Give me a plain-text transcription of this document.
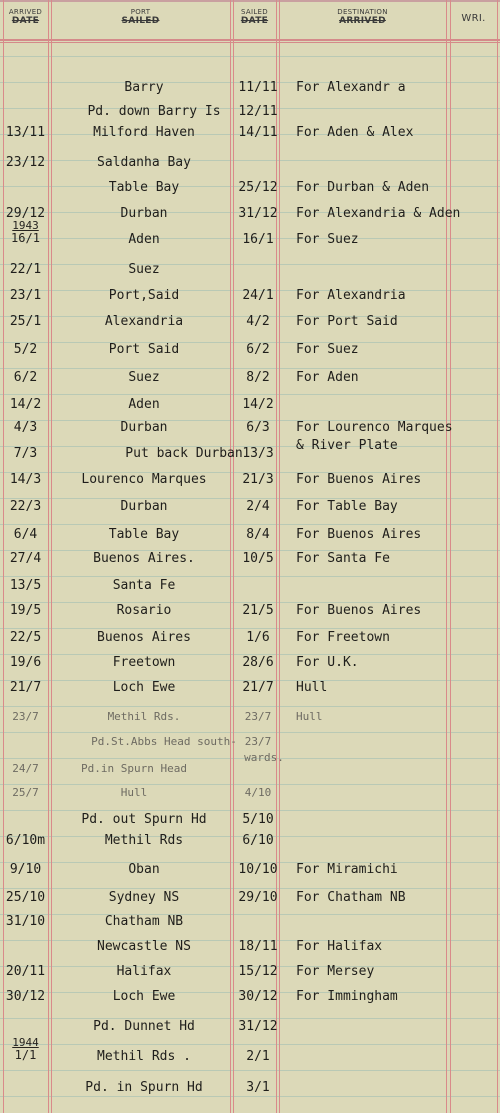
ARRIVED
DATE
PORT
SAILED
SAILED
DATE
DESTINATION
ARRIVED	WRI.
Barry	11/11	For Alexandr a
Pd. down Barry Is	12/11
13/11	Milford Haven	14/11	For Aden & Alex
23/12	Saldanha Bay
Table Bay	25/12	For Durban & Aden
29/12	Durban	31/12	For Alexandria & Aden
1943
16/1	Aden	16/1	For Suez
22/1	Suez
23/1	Port,Said	24/1	For Alexandria
25/1	Alexandria	4/2	For Port Said
5/2	Port Said	6/2	For Suez
6/2	Suez	8/2	For Aden
14/2	Aden	14/2
4/3	Durban	6/3	For Lourenco Marques
& River Plate
7/3	Put back Durban 13/3
14/3	Lourenco Marques	21/3	For Buenos Aires
22/3	Durban	2/4	For Table Bay
6/4	Table Bay	8/4	For Buenos Aires
27/4	Buenos Aires.	10/5	For Santa Fe
13/5	Santa Fe
19/5	Rosario	21/5	For Buenos Aires
22/5	Buenos Aires	1/6	For Freetown
19/6	Freetown	28/6	For U.K.
21/7	Loch Ewe	21/7	Hull
23/7	Methil Rds.	23/7	Hull
Pd.St.Abbs Head south- 23/7
wards.
24/7	Pd.in Spurn Head
25/7	Hull	4/10
Pd. out Spurn Hd	5/10
6/10m	Methil Rds	6/10
9/10	Oban	10/10	For Miramichi
25/10	Sydney NS	29/10	For Chatham NB
31/10	Chatham NB
Newcastle NS	18/11	For Halifax
20/11	Halifax	15/12	For Mersey
30/12	Loch Ewe	30/12	For Immingham
Pd. Dunnet Hd	31/12
1944
1/1	Methil Rds .	2/1
Pd. in Spurn Hd	3/1
